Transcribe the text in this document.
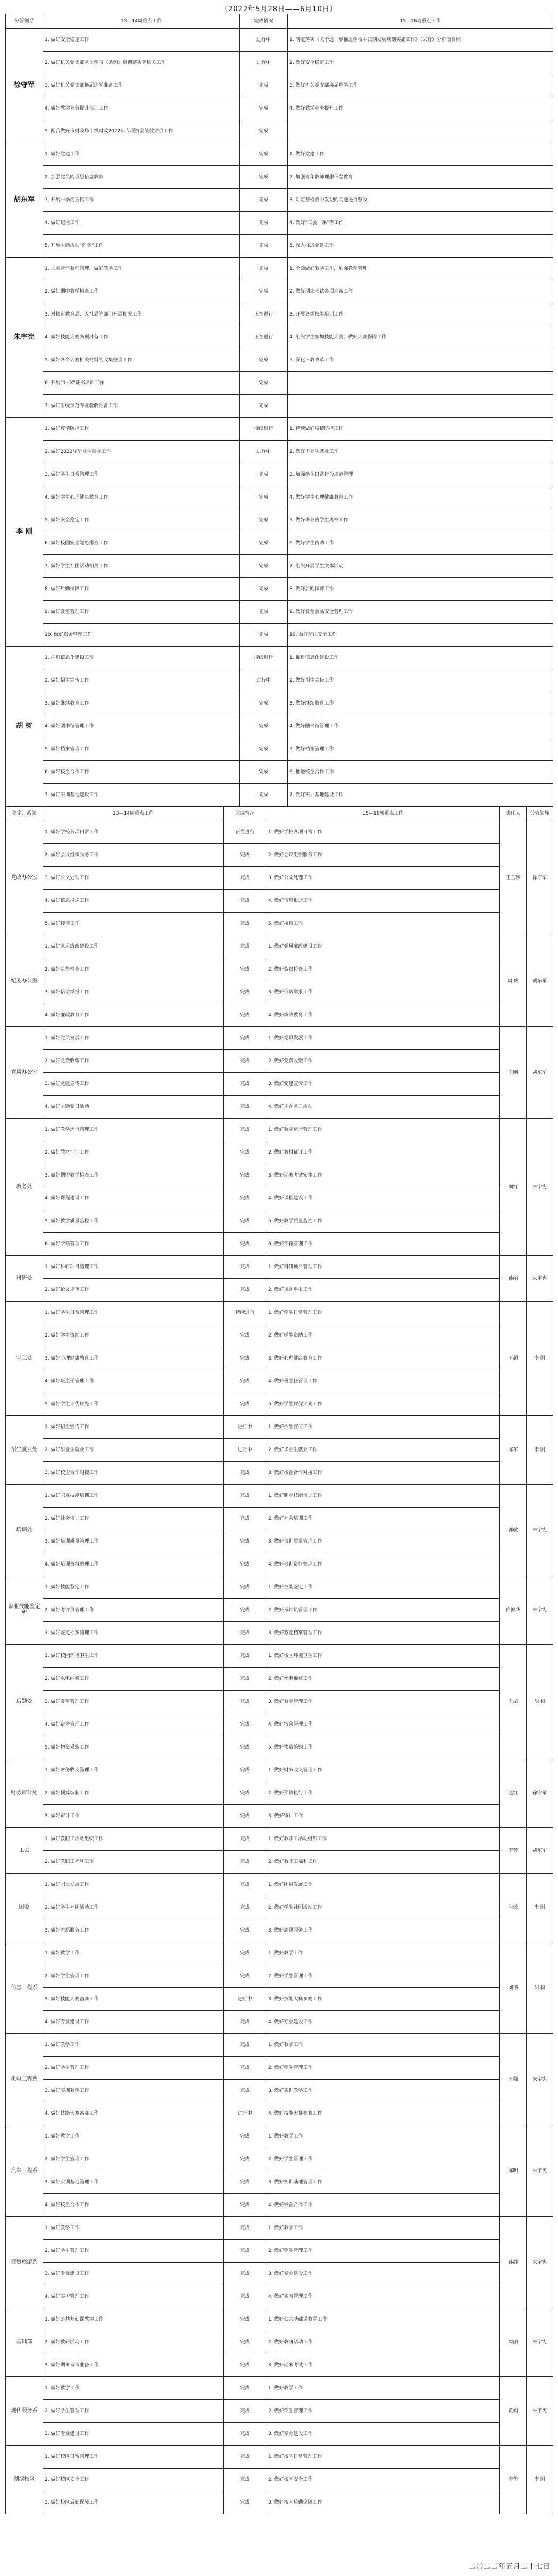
（2022年5月28日——6月10日）
分管领导	13—14周重点工作	完成情况	15—16周重点工作
徐守军	1. 做好安全稳定工作	进行中	1. 制定落实《关于进一步推进学校中长期发展规划实施工作》（试行）分阶段目标
	2. 做好机关党支部党员学习《条例》贯彻落实等相关工作	进行中	2. 做好安全稳定工作
	3. 做好机关党支部换届选举准备工作	完成	3. 做好机关党支部换届选举工作
	4. 做好教学业务提升培训工作	完成	4. 做好教学业务提升工作
	5. 配合做好市财政局市级财政2022年专项资金绩效评价工作	完成	
胡东军	1. 做好党建工作	完成	1. 做好党建工作
	2. 加强党员的理想信念教育	完成	2. 加强青年教师理想信念教育
	3. 开展一季度宣传工作	完成	3. 对监督检查中发现的问题进行整改
	4. 做好纪检工作	完成	4. 做好“三会一课”等工作
	5. 开展主题活动“任务”工作	完成	5. 深入推进党建工作
朱宇宪	1. 加强青年教师管理、做好教学工作	完成	1. 全面做好教学工作，加强教学管理
	2. 做好期中教学检查工作	完成	2. 做好期末考试各项准备工作
	3. 对接市教育局、人社局等部门开展相关工作	正在进行	3. 开展各类技能培训工作
	4. 做好技能大赛各项准备工作	正在进行	4. 组织学生参加技能大赛，做好大赛保障工作
	5. 做好各个大赛相关材料的收集整理工作	完成	5. 深化三教改革工作
	6. 开展“1+X”证书培训工作	完成	
	7. 做好省级示范专业验收准备工作	完成	
李 刚	1. 做好疫情防控工作	持续进行	1. 持续做好疫情防控工作
	2. 做好2022届毕业生就业工作	进行中	2. 做好毕业生就业工作
	3. 做好学生日常管理工作	完成	3. 加强学生日常行为规范管理
	4. 做好学生心理健康教育工作	完成	4. 做好学生心理健康教育工作
	5. 做好安全稳定工作	完成	5. 做好毕业班学生离校工作
	6. 做好校园安全隐患排查工作	完成	6. 做好学生资助工作
	7. 做好学生社团活动相关工作	完成	7. 组织开展学生文体活动
	8. 做好后勤保障工作	完成	8. 做好后勤保障工作
	9. 做好食堂管理工作	完成	9. 做好食堂食品安全管理工作
	10. 做好宿舍管理工作	完成	10. 做好防汛安全工作
胡 树	1. 推进信息化建设工作	持续进行	1. 推进信息化建设工作
	2. 做好招生宣传工作	进行中	2. 做好招生宣传工作
	3. 做好继续教育工作	完成	3. 做好继续教育工作
	4. 做好图书馆管理工作	完成	4. 做好图书馆管理工作
	5. 做好档案管理工作	完成	5. 做好档案管理工作
	6. 做好校企合作工作	完成	6. 推进校企合作工作
	7. 做好实训基地建设工作	完成	7. 做好实训基地建设工作
处室、系部	13—14周重点工作	完成情况	15—16周重点工作	责任人	分管领导
党政办公室	1. 做好学校各项日常工作	正在进行	1. 做好学校各项日常工作	王玉珍	徐守军
	2. 做好会议组织服务工作	完成	2. 做好会议组织服务工作		
	3. 做好公文处理工作	完成	3. 做好公文处理工作		
	4. 做好信息报送工作	完成	4. 做好信息报送工作		
	5. 做好接待工作	完成	5. 做好接待工作		
纪委办公室	1. 做好党风廉政建设工作	完成	1. 做好党风廉政建设工作	周 虎	胡东军
	2. 做好监督检查工作	完成	2. 做好监督检查工作		
	3. 做好信访举报工作	完成	3. 做好信访举报工作		
	4. 做好廉政教育工作	完成	4. 做好廉政教育工作		
党风办公室	1. 做好党员发展工作	完成	1. 做好党员发展工作	王刚	胡东军
	2. 做好党费收缴工作	完成	2. 做好党费收缴工作		
	3. 做好党建宣传工作	完成	3. 做好党建宣传工作		
	4. 做好主题党日活动	完成	4. 做好主题党日活动		
教务处	1. 做好教学运行管理工作	完成	1. 做好教学运行管理工作	刘红	朱宇宪
	2. 做好教材征订工作	完成	2. 做好教材征订工作		
	3. 做好期中教学检查工作	完成	3. 做好期末考试安排工作		
	4. 做好课程建设工作	完成	4. 做好课程建设工作		
	5. 做好教学质量监控工作	完成	5. 做好教学质量监控工作		
	6. 做好学籍管理工作	完成	6. 做好学籍管理工作		
科研处	1. 做好科研项目管理工作	完成	1. 做好科研项目管理工作	孙丽	朱宇宪
	2. 做好论文评审工作	完成	2. 做好课题申报工作		
学工处	1. 做好学生日常管理工作	持续进行	1. 做好学生日常管理工作	王超	李 刚
	2. 做好学生资助工作	完成	2. 做好学生资助工作		
	3. 做好心理健康教育工作	完成	3. 做好心理健康教育工作		
	4. 做好班主任管理工作	完成	4. 做好班主任管理工作		
	5. 做好学生评优评先工作	完成	5. 做好学生评优评先工作		
招生就业处	1. 做好招生宣传工作	进行中	1. 做好招生宣传工作	陈东	李 刚
	2. 做好毕业生就业工作	进行中	2. 做好毕业生就业工作		
	3. 做好校企合作对接工作	完成	3. 做好校企合作对接工作		
培训处	1. 做好职业技能培训工作	完成	1. 做好职业技能培训工作	郭敏	朱宇宪
	2. 做好社会培训工作	完成	2. 做好社会培训工作		
	3. 做好培训质量管理工作	完成	3. 做好培训质量管理工作		
	4. 做好培训资料整理工作	完成	4. 做好培训资料整理工作		
职业技能鉴定所	1. 做好技能鉴定工作	完成	1. 做好技能鉴定工作	白振华	朱宇宪
	2. 做好考评员管理工作	完成	2. 做好考评员管理工作		
	3. 做好鉴定档案管理工作	完成	3. 做好鉴定档案管理工作		
后勤处	1. 做好校园环境卫生工作	完成	1. 做好校园环境卫生工作	王振	胡 树
	2. 做好水电维修工作	完成	2. 做好水电维修工作		
	3. 做好食堂管理工作	完成	3. 做好食堂管理工作		
	4. 做好宿舍管理工作	完成	4. 做好宿舍管理工作		
	5. 做好物资采购工作	完成	5. 做好物资采购工作		
财务审计处	1. 做好财务收支管理工作	完成	1. 做好财务收支管理工作	赵红	徐守军
	2. 做好预算编制工作	完成	2. 做好预算执行工作		
	3. 做好审计工作	完成	3. 做好审计工作		
工会	1. 做好教职工活动组织工作	完成	1. 做好教职工活动组织工作	李芳	胡东军
	2. 做好教职工福利工作	完成	2. 做好教职工福利工作		
团委	1. 做好团员发展工作	完成	1. 做好团员发展工作	张敏	李 刚
	2. 做好学生社团活动工作	完成	2. 做好学生社团活动工作		
	3. 做好志愿服务工作	完成	3. 做好志愿服务工作		
信息工程系	1. 做好教学工作	完成	1. 做好教学工作	刘伟	胡 树
	2. 做好学生管理工作	完成	2. 做好学生管理工作		
	3. 做好技能大赛备赛工作	进行中	3. 做好技能大赛参赛工作		
	4. 做好专业建设工作	完成	4. 做好专业建设工作		
机电工程系	1. 做好教学工作	完成	1. 做好教学工作	王强	朱宇宪
	2. 做好学生管理工作	完成	2. 做好学生管理工作		
	3. 做好实训教学工作	完成	3. 做好实训教学工作		
	4. 做好技能大赛备赛工作	进行中	4. 做好技能大赛参赛工作		
汽车工程系	1. 做好教学工作	完成	1. 做好教学工作	陈明	朱宇宪
	2. 做好学生管理工作	完成	2. 做好学生管理工作		
	3. 做好实训基地管理工作	完成	3. 做好实训基地管理工作		
	4. 做好校企合作工作	完成	4. 做好校企合作工作		
商贸旅游系	1. 做好教学工作	完成	1. 做好教学工作	孙静	朱宇宪
	2. 做好学生管理工作	完成	2. 做好学生管理工作		
	3. 做好专业建设工作	完成	3. 做好专业建设工作		
	4. 做好实习管理工作	完成	4. 做好实习管理工作		
基础部	1. 做好公共基础课教学工作	完成	1. 做好公共基础课教学工作	周丽	朱宇宪
	2. 做好教研活动工作	完成	2. 做好教研活动工作		
	3. 做好期末考试准备工作	完成	3. 做好期末考试工作		
现代服务系	1. 做好教学工作	完成	1. 做好教学工作	黄娟	朱宇宪
	2. 做好学生管理工作	完成	2. 做好学生管理工作		
	3. 做好专业建设工作	完成	3. 做好专业建设工作		
湖滨校区	1. 做好校区日常管理工作	完成	1. 做好校区日常管理工作	李华	李 刚
	2. 做好校区安全工作	完成	2. 做好校区安全工作		
	3. 做好校区后勤保障工作	完成	3. 做好校区后勤保障工作		
二〇二二年五月二十七日
